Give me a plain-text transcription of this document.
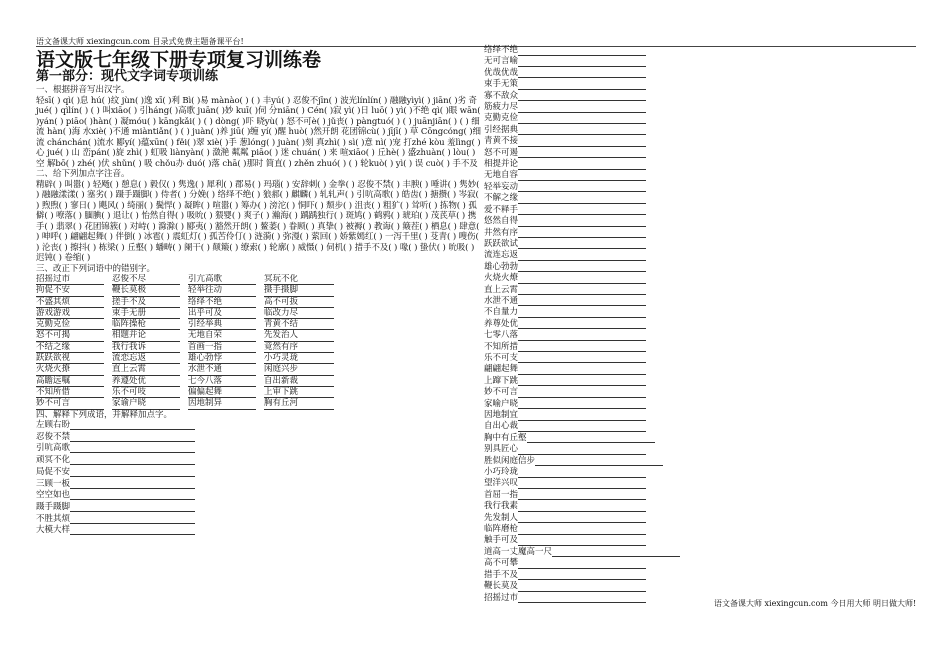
语文备课大师 xiexingcun.com 目录式免费主题备课平台!

语文版七年级下册专项复习训练卷

第一部分：现代文字词专项训练

一、根据拼音写出汉字。

轻sī( ) qì( )息 hú( )纹 jùn( )逸 xī( )利 Bì( )易 mànào( ) ( ) 丰yú( ) 忍俊不jīn( ) 波光línlín( ) 融融yìyì( ) jiān( )劣 奇jué( ) qìlín( ) ( ) 叫xiāo( ) 引háng( )高歌 juān( )妙 kuī( )伺 分niān( ) Cén( )寂 yì( )日 luō( ) yì( )不绝 qì( )眼 wān( )yán( ) piāo( )hàn( ) 凝móu( ) kāngkǎi( ) ( ) dòng( )吓 晓yù( ) 怒不可è( ) jǔ丧( ) pàngtuó( ) ( ) juānjiān( ) ( ) 细流 hàn( )海 水xiè( )不通 miàntiǎn( ) ( ) juàn( )养 jiū( )缠 yí( )醒 huò( )然开朗 花团锦cù( ) jījī( ) 草 Cōngcóng( )细流 chánchán( )流水 郾yí( )蕴xūn( ) fěi( )翠 xiè( )手 葱lóng( ) juàn( )刻 真zhì( ) sì( )意 nì( )宠 打zhé kòu 羞lìng( ) 心 jué( ) 山 峦pán( )旋 zhì( ) 虹吸 liànyàn( ) 潋滟 粼粼 piāo( ) 迷 chuán( ) 来 喧xiāo( ) 丘hè( ) 盛zhuàn( ) lòu( ) 空 解bō( ) zhé( )伏 shǔn( ) 吸 chǒu办 duó( )落 chā( )那时 简直( ) zhěn zhuó( ) ( ) 轮kuò( ) yì( ) 误 cuò( ) 手不及

二、给下列加点字注音。

精辟( ) 叫嚣( ) 轻飏( ) 憩息( ) 毅仅( ) 隽逸( ) 犀利( ) 郡易( ) 玛瑙( ) 安辞刺( ) 金拳( ) 忍俊不禁( ) 丰腴( ) 唾讲( ) 隽妙( ) 融融漾漾( ) 塞劣( ) 蹑手蹑脚( ) 侍者( ) 分娩( ) 络绎不绝( ) 狼郝( ) 麒麟( ) 轧轧声( ) 引吭高歌( ) 皓齿( ) 搪攒( ) 岑寂( ) 煦煦( ) 寥日( ) 飓风( ) 绮丽( ) 鬓悍( ) 凝眸( ) 喧嚣( ) 筹办( ) 滂沱( ) 恫吓( ) 颓步( ) 沮丧( ) 粗犷( ) 耸听( ) 拣物( ) 孤僻( ) 嘹落( ) 腼腆( ) 退让( ) 怡然自得( ) 吸吮( ) 猥婴( ) 爽子( ) 瀚海( ) 踽踽独行( ) 斑鸠( ) 鹤鸦( ) 琥珀( ) 茂芪草( ) 携手( ) 翡翠( ) 花团锦簇( ) 对峙( ) 滁滁( ) 郾夷( ) 豁然开朗( ) 鳌萎( ) 眷顾( ) 真挚( ) 被褥( ) 教诲( ) 簸茬( ) 栖息( ) 肆意( ) 呻呼( ) 翩翩起舞( ) 伴倒( ) 冰雹( ) 震虹灯( ) 孤苦伶仃( ) 涟漪( ) 弥漫( ) 萦回( ) 娇紫嫣红( ) 一泻千里( ) 芟青( ) 嗖伤( ) 沦丧( ) 擦抖( ) 栋梁( ) 丘壑( ) 蟠畴( ) 阑干( ) 颠簸( ) 缭索( ) 轮廓( ) 威慑( ) 伺机( ) 措手不及( ) 喙( ) 蛰伏( ) 吮吸( ) 迟钝( ) 卷缩( )

三、改正下列词语中的错别字。

招摇过巿	忍俊不尽	引亢高歌	冥玩不化
拘促不安	鞭长莫极	轻举往动	摄手摄脚
不盛其烦	搓手不及	络绎不绝	高不可扳
游戏游戏	束手无册	出乎可及	临改力尽
克勤克俭	临阵操枪	引经举典	青黄不结
怒不可揭	相题并论	无地自荣	先发治人
不结之缘	我行我诉	首画一指	竟然有序
跃跃欲视	流恋忘返	雄心勃悖	小巧灵珑
火烧火撩	直上云霄	水泄不通	闲庭兴步
高瞻远嘱	养遵处优	七今八落	自出新裁
不知所借	乐不可吱	偏偏起舞	上审下跳
妙不可言	家谕户晓	因地制异	胸有丘河

四、解释下列成语，并解释加点字。

左顾右盼
忍俊不禁
引吭高歌
顽冥不化
局促不安
三顾一板
空空如也
蹑手蹑脚
不胜其烦
大模大样
络绎不绝
无可言喻
优哉优哉
束手无策
寡不敌众
筋疲力尽
克勤克俭
引经据典
青黄不接
怒不可遏
相提并论
无地自容
轻举妄动
不解之缘
爱不释手
悠然自得
井然有序
跃跃欲试
流连忘返
雄心勃勃
火烧火燎
直上云霄
水泄不通
不自量力
养尊处优
七零八落
不知所措
乐不可支
翩翩起舞
上蹿下跳
妙不可言
家喻户晓
因地制宜
自出心裁
胸中有丘壑
别具匠心
胜似闲庭信步
小巧玲珑
望洋兴叹
首屈一指
我行我素
先发制人
临阵磨枪
触手可及
道高一丈魔高一尺
高不可攀
措手不及
鞭长莫及
招摇过市
语文备课大师 xiexingcun.com 今日用大师 明日做大师!
